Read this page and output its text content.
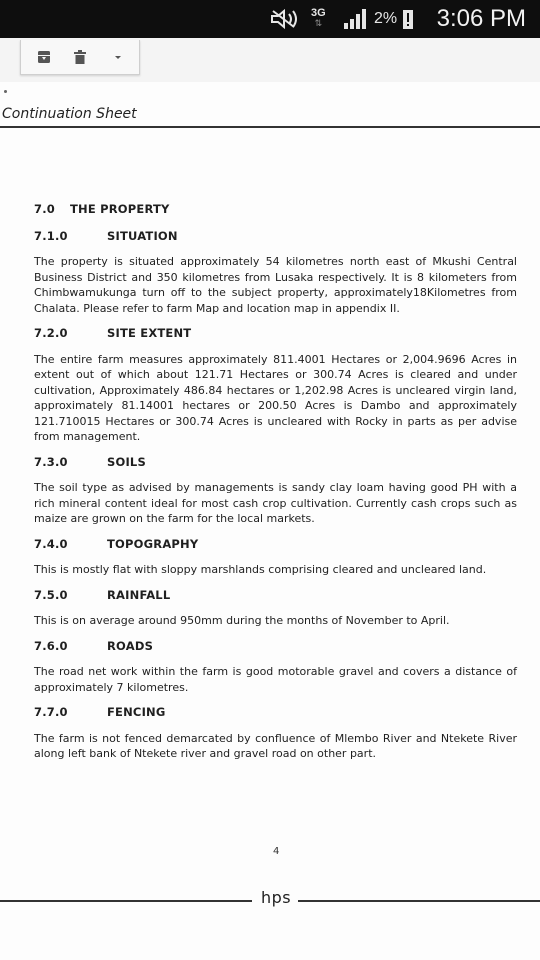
3G
⇅	2% 3:06 PM
Continuation Sheet
7.0 THE PROPERTY
7.1.0	SITUATION

The property is situated approximately 54 kilometres north east of Mkushi Central Business District and 350 kilometres from Lusaka respectively. It is 8 kilometers from Chimbwamukunga turn off to the subject property, approximately18Kilometres from Chalata. Please refer to farm Map and location map in appendix II.

7.2.0	SITE EXTENT

The entire farm measures approximately 811.4001 Hectares or 2,004.9696 Acres in extent out of which about 121.71 Hectares or 300.74 Acres is cleared and under cultivation, Approximately 486.84 hectares or 1,202.98 Acres is uncleared virgin land, approximately 81.14001 hectares or 200.50 Acres is Dambo and approximately 121.710015 Hectares or 300.74 Acres is uncleared with Rocky in parts as per advise from management.

7.3.0	SOILS

The soil type as advised by managements is sandy clay loam having good PH with a rich mineral content ideal for most cash crop cultivation. Currently cash crops such as maize are grown on the farm for the local markets.

7.4.0	TOPOGRAPHY

This is mostly flat with sloppy marshlands comprising cleared and uncleared land.

7.5.0	RAINFALL

This is on average around 950mm during the months of November to April.

7.6.0	ROADS

The road net work within the farm is good motorable gravel and covers a distance of approximately 7 kilometres.

7.7.0	FENCING

The farm is not fenced demarcated by confluence of Mlembo River and Ntekete River along left bank of Ntekete river and gravel road on other part.

4
hps
